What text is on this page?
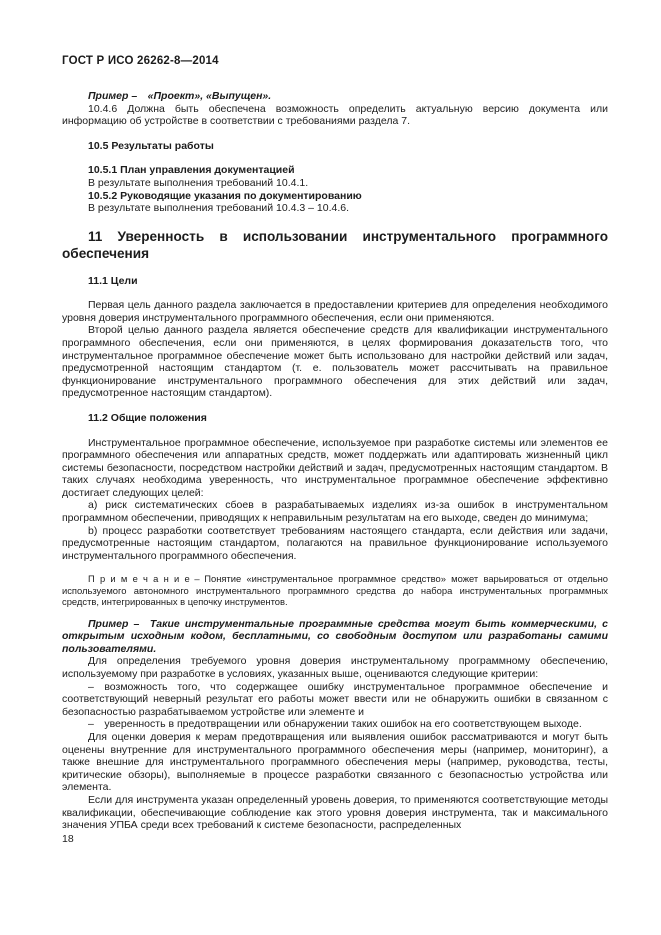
ГОСТ Р ИСО 26262-8—2014

Пример – «Проект», «Выпущен».

10.4.6 Должна быть обеспечена возможность определить актуальную версию документа или информацию об устройстве в соответствии с требованиями раздела 7.

10.5 Результаты работы

10.5.1 План управления документацией

В результате выполнения требований 10.4.1.

10.5.2 Руководящие указания по документированию

В результате выполнения требований 10.4.3 – 10.4.6.

11 Уверенность в использовании инструментального программного обеспечения

11.1 Цели

Первая цель данного раздела заключается в предоставлении критериев для определения необходимого уровня доверия инструментального программного обеспечения, если они применяются.

Второй целью данного раздела является обеспечение средств для квалификации инструментального программного обеспечения, если они применяются, в целях формирования доказательств того, что инструментальное программное обеспечение может быть использовано для настройки действий или задач, предусмотренной настоящим стандартом (т. е. пользователь может рассчитывать на правильное функционирование инструментального программного обеспечения для этих действий или задач, предусмотренное настоящим стандартом).

11.2 Общие положения

Инструментальное программное обеспечение, используемое при разработке системы или элементов ее программного обеспечения или аппаратных средств, может поддержать или адаптировать жизненный цикл системы безопасности, посредством настройки действий и задач, предусмотренных настоящим стандартом. В таких случаях необходима уверенность, что инструментальное программное обеспечение эффективно достигает следующих целей:

а) риск систематических сбоев в разрабатываемых изделиях из-за ошибок в инструментальном программном обеспечении, приводящих к неправильным результатам на его выходе, сведен до минимума;

b) процесс разработки соответствует требованиям настоящего стандарта, если действия или задачи, предусмотренные настоящим стандартом, полагаются на правильное функционирование используемого инструментального программного обеспечения.

П р и м е ч а н и е – Понятие «инструментальное программное средство» может варьироваться от отдельно используемого автономного инструментального программного средства до набора инструментальных программных средств, интегрированных в цепочку инструментов.

Пример – Такие инструментальные программные средства могут быть коммерческими, с открытым исходным кодом, бесплатными, со свободным доступом или разработаны самими пользователями.

Для определения требуемого уровня доверия инструментальному программному обеспечению, используемому при разработке в условиях, указанных выше, оцениваются следующие критерии:

– возможность того, что содержащее ошибку инструментальное программное обеспечение и соответствующий неверный результат его работы может ввести или не обнаружить ошибки в связанном с безопасностью разрабатываемом устройстве или элементе и

– уверенность в предотвращении или обнаружении таких ошибок на его соответствующем выходе.

Для оценки доверия к мерам предотвращения или выявления ошибок рассматриваются и могут быть оценены внутренние для инструментального программного обеспечения меры (например, мониторинг), а также внешние для инструментального программного обеспечения меры (например, руководства, тесты, критические обзоры), выполняемые в процессе разработки связанного с безопасностью устройства или элемента.

Если для инструмента указан определенный уровень доверия, то применяются соответствующие методы квалификации, обеспечивающие соблюдение как этого уровня доверия инструмента, так и максимального значения УПБА среди всех требований к системе безопасности, распределенных

18
